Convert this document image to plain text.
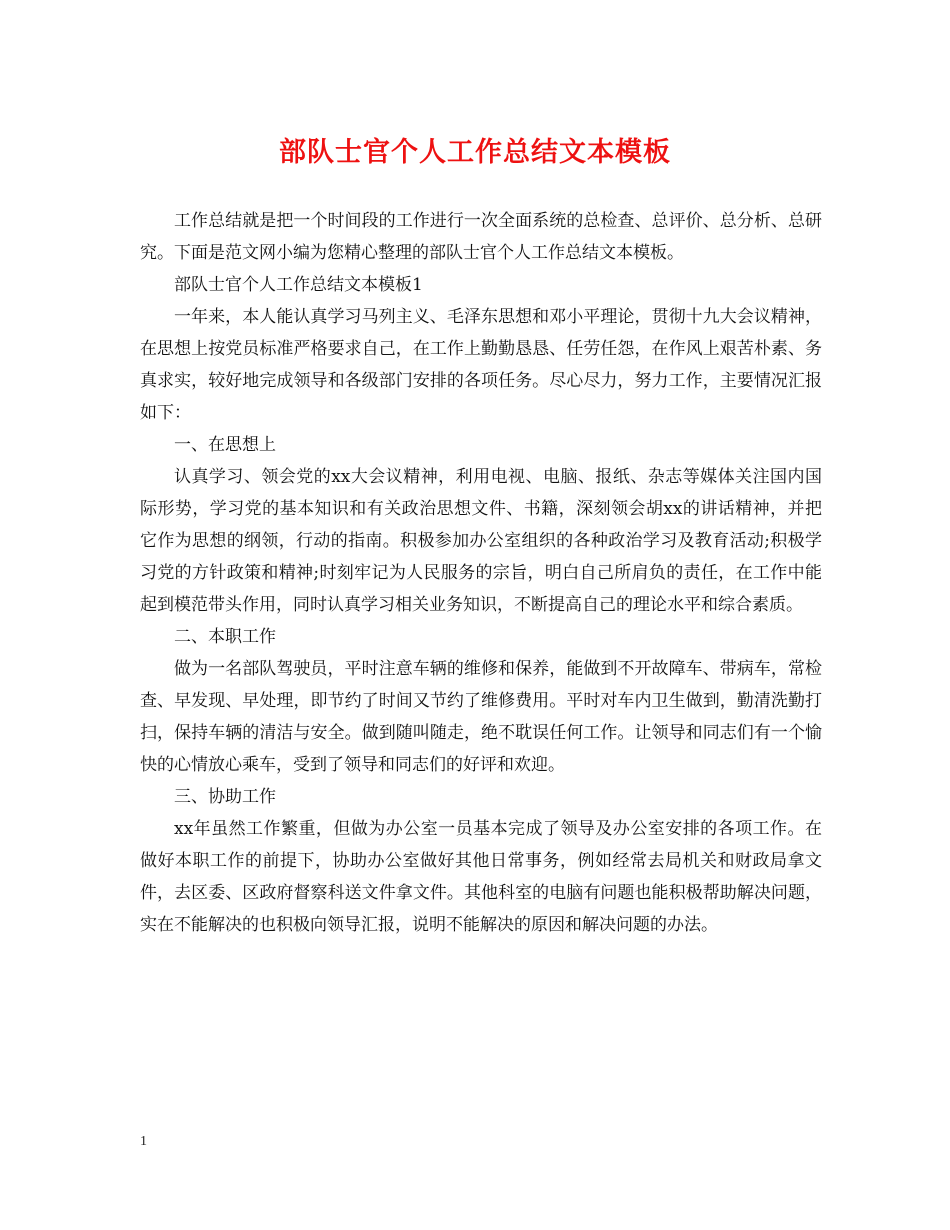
部队士官个人工作总结文本模板

工作总结就是把一个时间段的工作进行一次全面系统的总检查、总评价、总分析、总研究。下面是范文网小编为您精心整理的部队士官个人工作总结文本模板。

部队士官个人工作总结文本模板1

一年来，本人能认真学习马列主义、毛泽东思想和邓小平理论，贯彻十九大会议精神，在思想上按党员标准严格要求自己，在工作上勤勤恳恳、任劳任怨，在作风上艰苦朴素、务真求实，较好地完成领导和各级部门安排的各项任务。尽心尽力，努力工作，主要情况汇报如下：

一、在思想上

认真学习、领会党的xx大会议精神，利用电视、电脑、报纸、杂志等媒体关注国内国际形势，学习党的基本知识和有关政治思想文件、书籍，深刻领会胡xx的讲话精神，并把它作为思想的纲领，行动的指南。积极参加办公室组织的各种政治学习及教育活动;积极学习党的方针政策和精神;时刻牢记为人民服务的宗旨，明白自己所肩负的责任，在工作中能起到模范带头作用，同时认真学习相关业务知识，不断提高自己的理论水平和综合素质。

二、本职工作

做为一名部队驾驶员，平时注意车辆的维修和保养，能做到不开故障车、带病车，常检查、早发现、早处理，即节约了时间又节约了维修费用。平时对车内卫生做到，勤清洗勤打扫，保持车辆的清洁与安全。做到随叫随走，绝不耽误任何工作。让领导和同志们有一个愉快的心情放心乘车，受到了领导和同志们的好评和欢迎。

三、协助工作

xx年虽然工作繁重，但做为办公室一员基本完成了领导及办公室安排的各项工作。在做好本职工作的前提下，协助办公室做好其他日常事务，例如经常去局机关和财政局拿文件，去区委、区政府督察科送文件拿文件。其他科室的电脑有问题也能积极帮助解决问题，实在不能解决的也积极向领导汇报，说明不能解决的原因和解决问题的办法。

1
